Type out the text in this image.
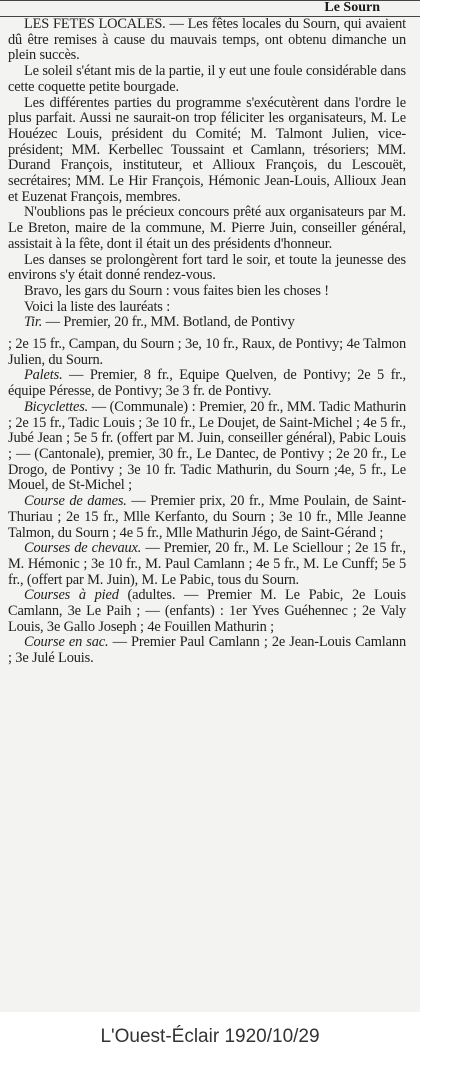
Le Sourn

LES FETES LOCALES. — Les fêtes locales du Sourn, qui avaient dû être remises à cause du mauvais temps, ont obtenu dimanche un plein succès.

Le soleil s'étant mis de la partie, il y eut une foule considérable dans cette coquette petite bourgade.

Les différentes parties du programme s'exécutèrent dans l'ordre le plus parfait. Aussi ne saurait-on trop féliciter les organisateurs, M. Le Houézec Louis, président du Comité; M. Talmont Julien, vice-président; MM. Kerbellec Toussaint et Camlann, trésoriers; MM. Durand François, instituteur, et Allioux François, du Lescouët, secrétaires; MM. Le Hir François, Hémonic Jean-Louis, Allioux Jean et Euzenat François, membres.

N'oublions pas le précieux concours prêté aux organisateurs par M. Le Breton, maire de la commune, M. Pierre Juin, conseiller général, assistait à la fête, dont il était un des présidents d'honneur.

Les danses se prolongèrent fort tard le soir, et toute la jeunesse des environs s'y était donné rendez-vous.

Bravo, les gars du Sourn : vous faites bien les choses !

Voici la liste des lauréats :

Tir. — Premier, 20 fr., MM. Botland, de Pontivy

; 2e 15 fr., Campan, du Sourn ; 3e, 10 fr., Raux, de Pontivy; 4e Talmon Julien, du Sourn.

Palets. — Premier, 8 fr., Equipe Quelven, de Pontivy; 2e 5 fr., équipe Péresse, de Pontivy; 3e 3 fr. de Pontivy.

Bicyclettes. — (Communale) : Premier, 20 fr., MM. Tadic Mathurin ; 2e 15 fr., Tadic Louis ; 3e 10 fr., Le Doujet, de Saint-Michel ; 4e 5 fr., Jubé Jean ; 5e 5 fr. (offert par M. Juin, conseiller général), Pabic Louis ; — (Cantonale), premier, 30 fr., Le Dantec, de Pontivy ; 2e 20 fr., Le Drogo, de Pontivy ; 3e 10 fr. Tadic Mathurin, du Sourn ;4e, 5 fr., Le Mouel, de St-Michel ;

Course de dames. — Premier prix, 20 fr., Mme Poulain, de Saint-Thuriau ; 2e 15 fr., Mlle Kerfanto, du Sourn ; 3e 10 fr., Mlle Jeanne Talmon, du Sourn ; 4e 5 fr., Mlle Mathurin Jégo, de Saint-Gérand ;

Courses de chevaux. — Premier, 20 fr., M. Le Sciellour ; 2e 15 fr., M. Hémonic ; 3e 10 fr., M. Paul Camlann ; 4e 5 fr., M. Le Cunff; 5e 5 fr., (offert par M. Juin), M. Le Pabic, tous du Sourn.

Courses à pied (adultes. — Premier M. Le Pabic, 2e Louis Camlann, 3e Le Paih ; — (enfants) : 1er Yves Guéhennec ; 2e Valy Louis, 3e Gallo Joseph ; 4e Fouillen Mathurin ;

Course en sac. — Premier Paul Camlann ; 2e Jean-Louis Camlann ; 3e Julé Louis.

L'Ouest-Éclair 1920/10/29
